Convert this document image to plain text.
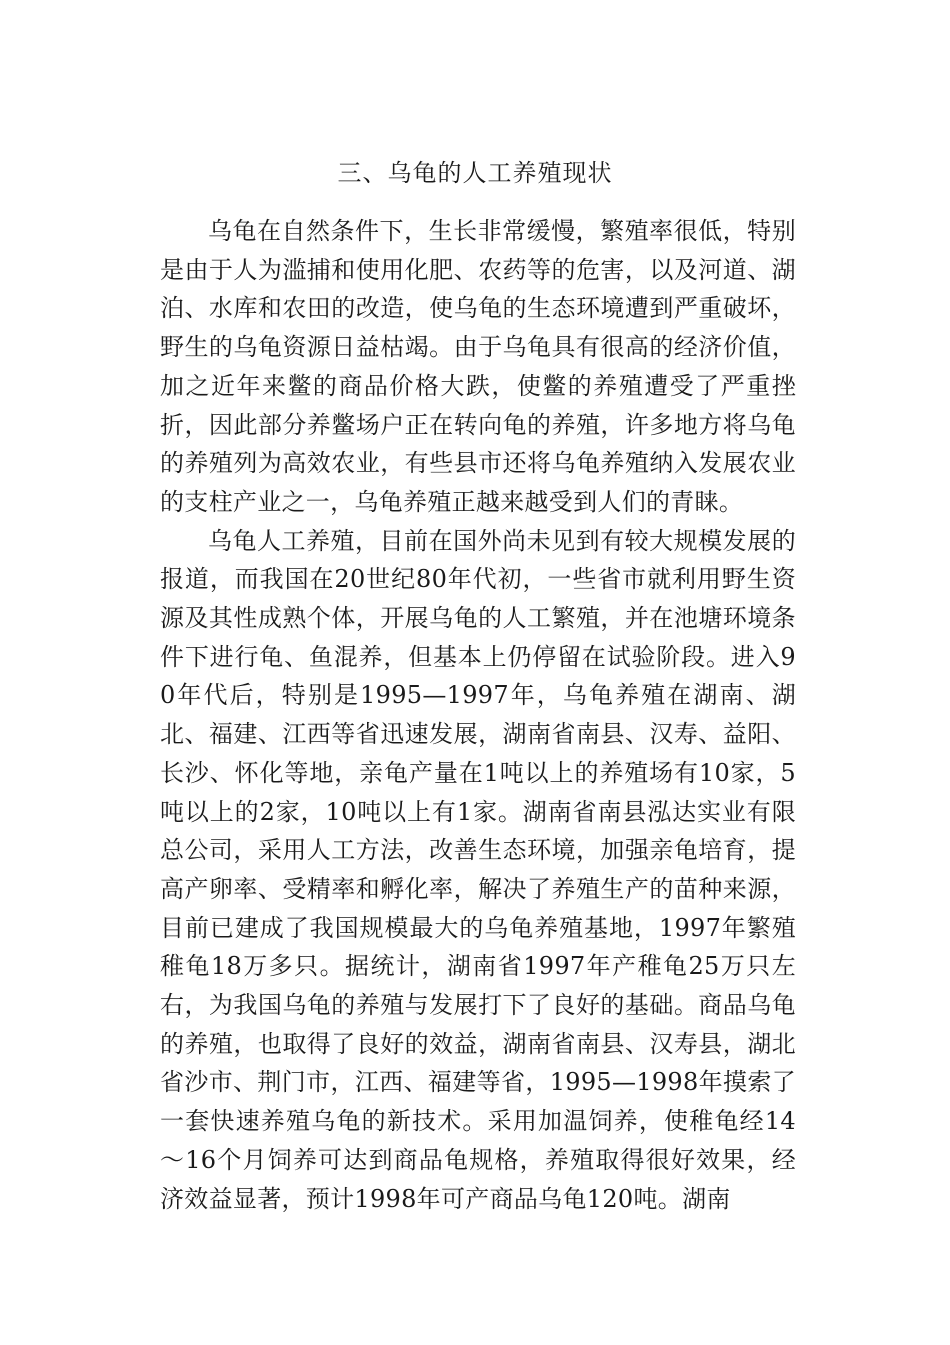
三、乌龟的人工养殖现状

乌龟在自然条件下，生长非常缓慢，繁殖率很低，特别是由于人为滥捕和使用化肥、农药等的危害，以及河道、湖泊、水库和农田的改造，使乌龟的生态环境遭到严重破坏，野生的乌龟资源日益枯竭。由于乌龟具有很高的经济价值，加之近年来鳖的商品价格大跌，使鳖的养殖遭受了严重挫折，因此部分养鳖场户正在转向龟的养殖，许多地方将乌龟的养殖列为高效农业，有些县市还将乌龟养殖纳入发展农业的支柱产业之一，乌龟养殖正越来越受到人们的青睐。

乌龟人工养殖，目前在国外尚未见到有较大规模发展的报道，而我国在20世纪80年代初，一些省市就利用野生资源及其性成熟个体，开展乌龟的人工繁殖，并在池塘环境条件下进行龟、鱼混养，但基本上仍停留在试验阶段。进入90年代后，特别是1995—1997年，乌龟养殖在湖南、湖北、福建、江西等省迅速发展，湖南省南县、汉寿、益阳、长沙、怀化等地，亲龟产量在1吨以上的养殖场有10家，5吨以上的2家，10吨以上有1家。湖南省南县泓达实业有限总公司，采用人工方法，改善生态环境，加强亲龟培育，提高产卵率、受精率和孵化率，解决了养殖生产的苗种来源，目前已建成了我国规模最大的乌龟养殖基地，1997年繁殖稚龟18万多只。据统计，湖南省1997年产稚龟25万只左右，为我国乌龟的养殖与发展打下了良好的基础。商品乌龟的养殖，也取得了良好的效益，湖南省南县、汉寿县，湖北省沙市、荆门市，江西、福建等省，1995—1998年摸索了一套快速养殖乌龟的新技术。采用加温饲养，使稚龟经14～16个月饲养可达到商品龟规格，养殖取得很好效果，经济效益显著，预计1998年可产商品乌龟120吨。湖南
